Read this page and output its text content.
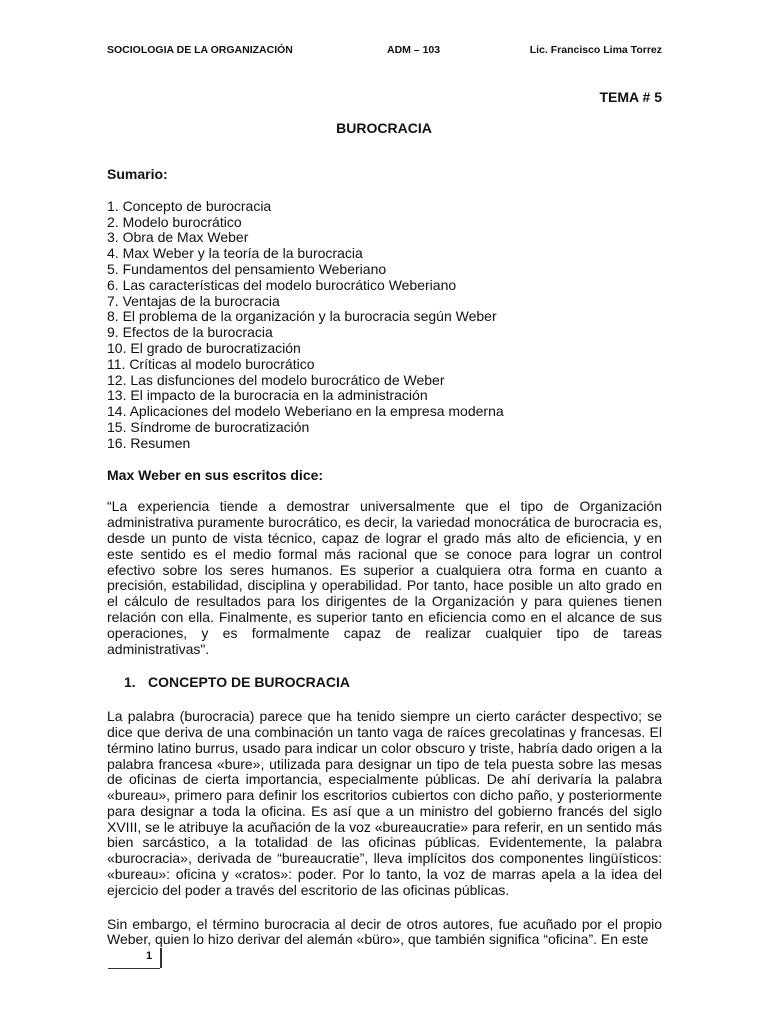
SOCIOLOGIA DE LA ORGANIZACIÓN	ADM – 103	Lic. Francisco Lima Torrez
TEMA # 5
BUROCRACIA
Sumario:
1. Concepto de burocracia
2. Modelo burocrático
3. Obra de Max Weber
4. Max Weber y la teoría de la burocracia
5. Fundamentos del pensamiento Weberiano
6. Las características del modelo burocrático Weberiano
7. Ventajas de la burocracia
8. El problema de la organización y la burocracia según Weber
9. Efectos de la burocracia
10. El grado de burocratización
11. Críticas al modelo burocrático
12. Las disfunciones del modelo burocrático de Weber
13. El impacto de la burocracia en la administración
14. Aplicaciones del modelo Weberiano en la empresa moderna
15. Síndrome de burocratización
16. Resumen
Max Weber en sus escritos dice:

“La experiencia tiende a demostrar universalmente que el tipo de Organización administrativa puramente burocrático, es decir, la variedad monocrática de burocracia es, desde un punto de vista técnico, capaz de lograr el grado más alto de eficiencia, y en este sentido es el medio formal más racional que se conoce para lograr un control efectivo sobre los seres humanos. Es superior a cualquiera otra forma en cuanto a precisión, estabilidad, disciplina y operabilidad. Por tanto, hace posible un alto grado en el cálculo de resultados para los dirigentes de la Organización y para quienes tienen relación con ella. Finalmente, es superior tanto en eficiencia como en el alcance de sus operaciones, y es formalmente capaz de realizar cualquier tipo de tareas administrativas".

1. CONCEPTO DE BUROCRACIA

La palabra (burocracia) parece que ha tenido siempre un cierto carácter despectivo; se dice que deriva de una combinación un tanto vaga de raíces grecolatinas y francesas. El término latino burrus, usado para indicar un color obscuro y triste, habría dado origen a la palabra francesa «bure», utilizada para designar un tipo de tela puesta sobre las mesas de oficinas de cierta importancia, especialmente públicas. De ahí derivaría la palabra «bureau», primero para definir los escritorios cubiertos con dicho paño, y posteriormente para designar a toda la oficina. Es así que a un ministro del gobierno francés del siglo XVIII, se le atribuye la acuñación de la voz «bureaucratie» para referir, en un sentido más bien sarcástico, a la totalidad de las oficinas públicas. Evidentemente, la palabra «burocracia», derivada de “bureaucratie”, lleva implícitos dos componentes lingüísticos: «bureau»: oficina y «cratos»: poder. Por lo tanto, la voz de marras apela a la idea del ejercicio del poder a través del escritorio de las oficinas públicas.

Sin embargo, el término burocracia al decir de otros autores, fue acuñado por el propio Weber, quien lo hizo derivar del alemán «büro», que también significa “oficina”. En este

1
